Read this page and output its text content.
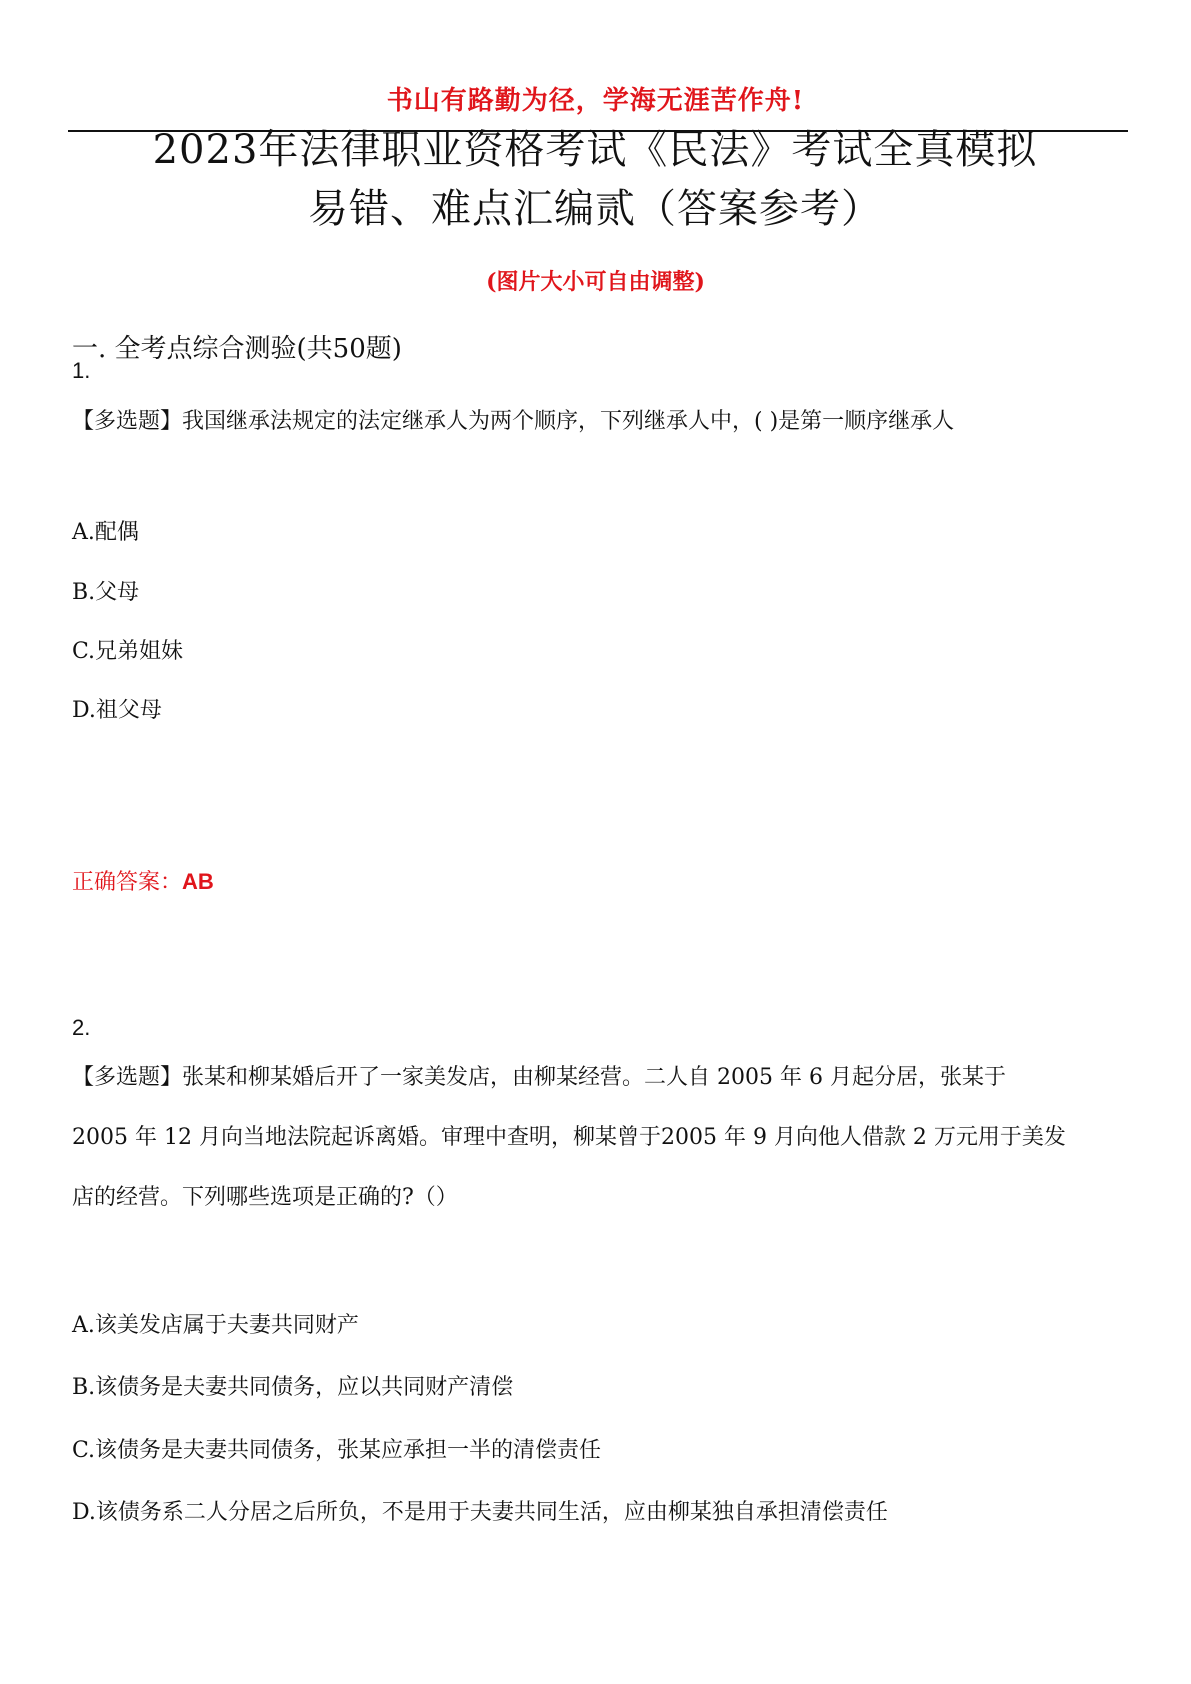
书山有路勤为径，学海无涯苦作舟!
2023年法律职业资格考试《民法》考试全真模拟
易错、难点汇编贰（答案参考）
(图片大小可自由调整)
一. 全考点综合测验(共50题)
1.
【多选题】我国继承法规定的法定继承人为两个顺序，下列继承人中，( )是第一顺序继承人
A.配偶
B.父母
C.兄弟姐妹
D.祖父母
正确答案：AB
2.
【多选题】张某和柳某婚后开了一家美发店，由柳某经营。二人自 2005 年 6 月起分居，张某于
2005 年 12 月向当地法院起诉离婚。审理中查明，柳某曾于2005 年 9 月向他人借款 2 万元用于美发
店的经营。下列哪些选项是正确的?（）
A.该美发店属于夫妻共同财产
B.该债务是夫妻共同债务，应以共同财产清偿
C.该债务是夫妻共同债务，张某应承担一半的清偿责任
D.该债务系二人分居之后所负，不是用于夫妻共同生活，应由柳某独自承担清偿责任
